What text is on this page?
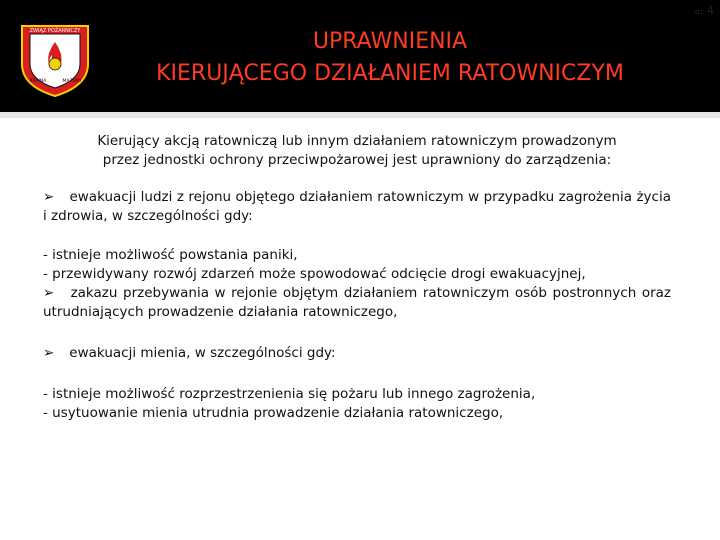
ZWIĄZ POŻARNICZY
KRAINA	MAZURY
UPRAWNIENIA
KIERUJĄCEGO DZIAŁANIEM RATOWNICZYM
str. 4

Kierujący akcją ratowniczą lub innym działaniem ratowniczym prowadzonym przez jednostki ochrony przeciwpożarowej jest uprawniony do zarządzenia:

➢ ewakuacji ludzi z rejonu objętego działaniem ratowniczym w przypadku zagrożenia życia i zdrowia, w szczególności gdy:

- istnieje możliwość powstania paniki,

- przewidywany rozwój zdarzeń może spowodować odcięcie drogi ewakuacyjnej,

➢ zakazu przebywania w rejonie objętym działaniem ratowniczym osób postronnych oraz utrudniających prowadzenie działania ratowniczego,

➢ ewakuacji mienia, w szczególności gdy:

- istnieje możliwość rozprzestrzenienia się pożaru lub innego zagrożenia,

- usytuowanie mienia utrudnia prowadzenie działania ratowniczego,
